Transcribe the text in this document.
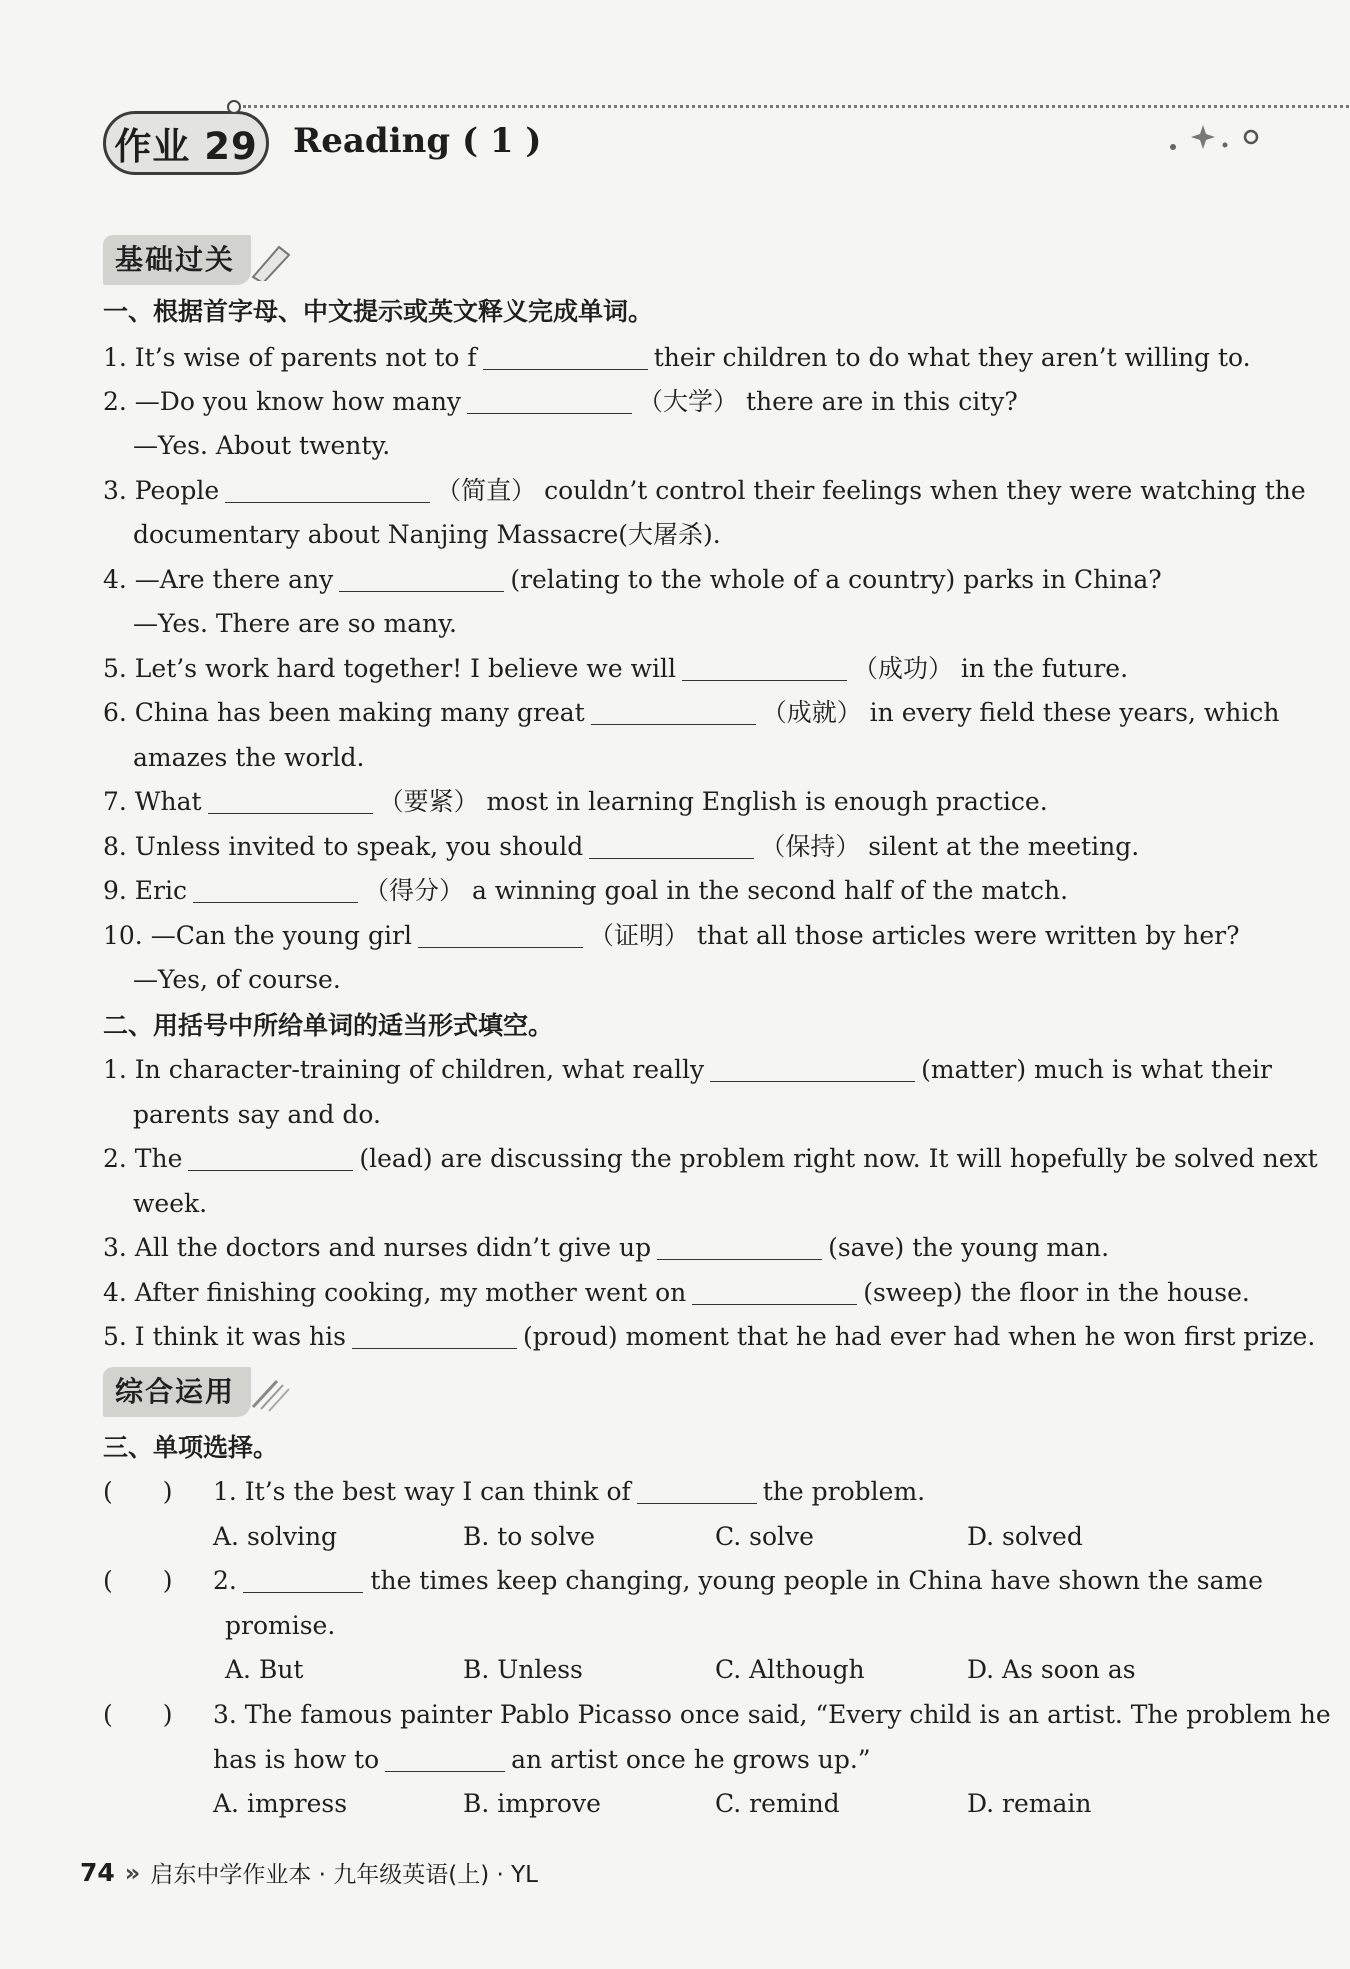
作业 29 Reading ( 1 )
基础过关
一、根据首字母、中文提示或英文释义完成单词。
1. It’s wise of parents not to f	their children to do what they aren’t willing to.
2. —Do you know how many	（大学） there are in this city?
—Yes. About twenty.
3. People	（简直） couldn’t control their feelings when they were watching the
documentary about Nanjing Massacre(大屠杀).
4. —Are there any	(relating to the whole of a country) parks in China?
—Yes. There are so many.
5. Let’s work hard together! I believe we will	（成功） in the future.
6. China has been making many great	（成就） in every field these years, which
amazes the world.
7. What	（要紧） most in learning English is enough practice.
8. Unless invited to speak, you should	（保持） silent at the meeting.
9. Eric	（得分） a winning goal in the second half of the match.
10. —Can the young girl	（证明） that all those articles were written by her?
—Yes, of course.
二、用括号中所给单词的适当形式填空。
1. In character-training of children, what really	(matter) much is what their
parents say and do.
2. The	(lead) are discussing the problem right now. It will hopefully be solved next
week.
3. All the doctors and nurses didn’t give up	(save) the young man.
4. After finishing cooking, my mother went on	(sweep) the floor in the house.
5. I think it was his	(proud) moment that he had ever had when he won first prize.
综合运用
三、单项选择。
(　　) 1. It’s the best way I can think of	the problem.
A. solving	B. to solve	C. solve	D. solved
(　　) 2.	the times keep changing, young people in China have shown the same
promise.
A. But	B. Unless	C. Although	D. As soon as
(　　) 3. The famous painter Pablo Picasso once said, “Every child is an artist. The problem he
has is how to	an artist once he grows up.”
A. impress	B. improve	C. remind	D. remain
74 » 启东中学作业本 · 九年级英语(上) · YL
